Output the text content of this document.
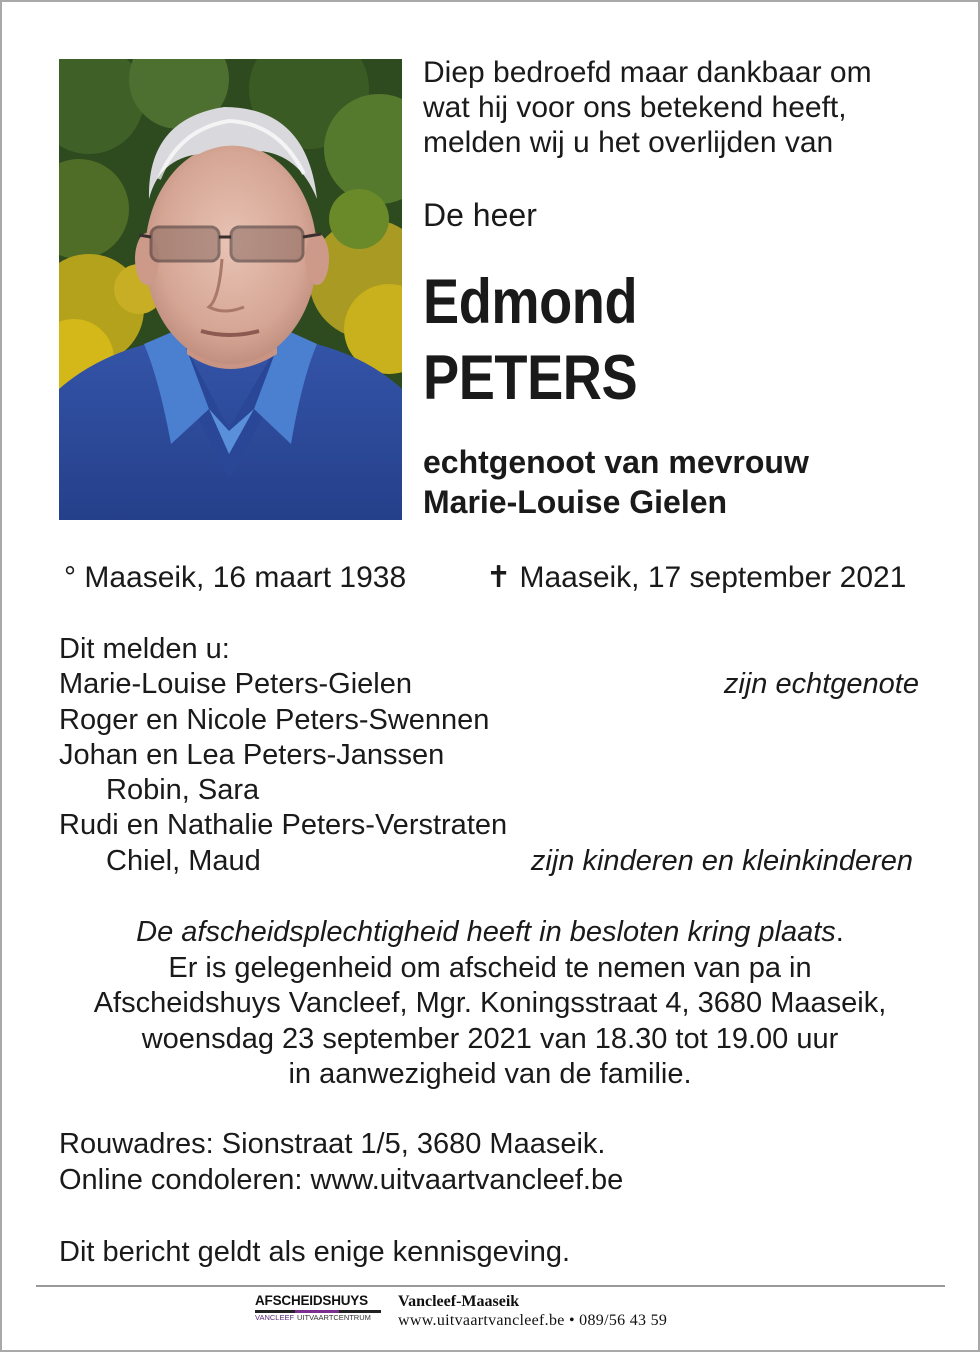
Diep bedroefd maar dankbaar om
wat hij voor ons betekend heeft,
melden wij u het overlijden van
De heer
Edmond
PETERS
echtgenoot van mevrouw
Marie-Louise Gielen
° Maaseik, 16 maart 1938	✝ Maaseik, 17 september 2021
Dit melden u:
Marie-Louise Peters-Gielen	zijn echtgenote
Roger en Nicole Peters-Swennen
Johan en Lea Peters-Janssen
Robin, Sara
Rudi en Nathalie Peters-Verstraten
Chiel, Maud	zijn kinderen en kleinkinderen
De afscheidsplechtigheid heeft in besloten kring plaats.
Er is gelegenheid om afscheid te nemen van pa in
Afscheidshuys Vancleef, Mgr. Koningsstraat 4, 3680 Maaseik,
woensdag 23 september 2021 van 18.30 tot 19.00 uur
in aanwezigheid van de familie.
Rouwadres: Sionstraat 1/5, 3680 Maaseik.
Online condoleren: www.uitvaartvancleef.be
Dit bericht geldt als enige kennisgeving.
AFSCHEIDSHUYS
VANCLEEF UITVAARTCENTRUM
Vancleef-Maaseik
www.uitvaartvancleef.be • 089/56 43 59
